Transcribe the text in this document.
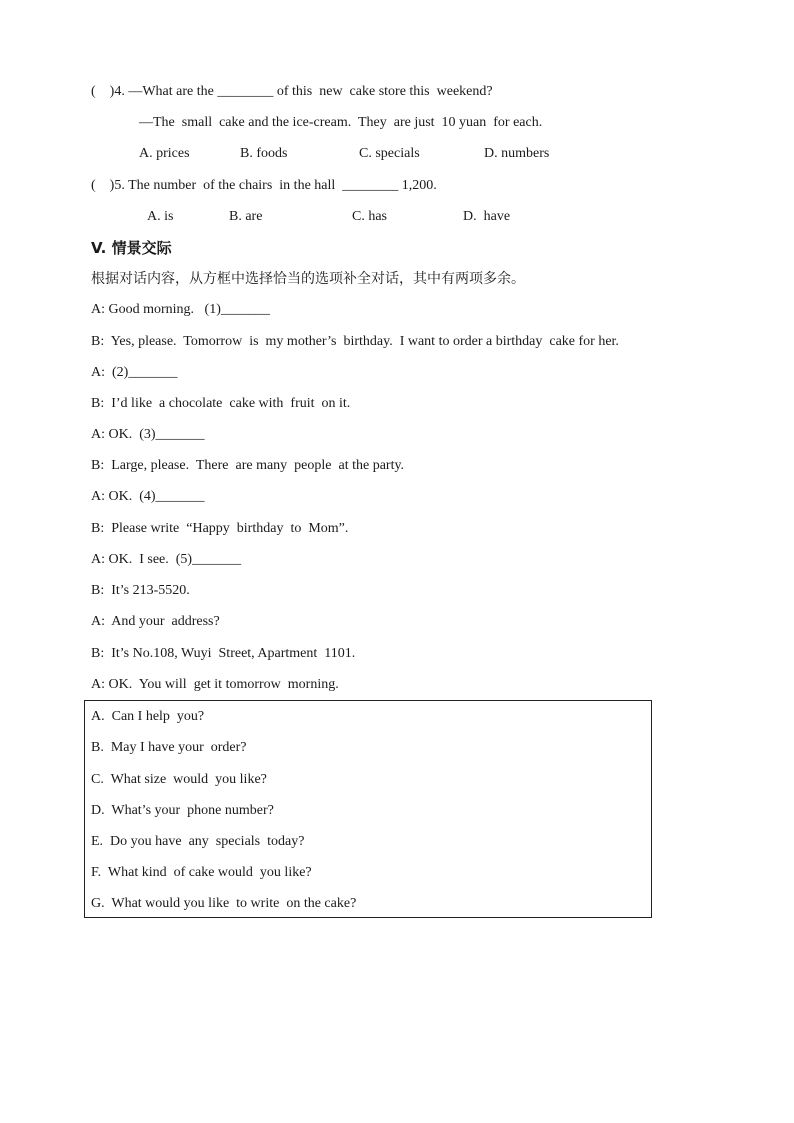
(    )4. —What are the ________ of this  new  cake store this  weekend?
—The  small  cake and the ice-cream.  They  are just  10 yuan  for each.
A. prices	B. foods	C. specials	D. numbers
(    )5. The number  of the chairs  in the hall  ________ 1,200.
A. is	B. are	C. has	D.  have
V. 情景交际
根据对话内容，从方框中选择恰当的选项补全对话，其中有两项多余。
A: Good morning.   (1)_______
B:  Yes, please.  Tomorrow  is  my mother’s  birthday.  I want to order a birthday  cake for her.
A:  (2)_______
B:  I’d like  a chocolate  cake with  fruit  on it.
A: OK.  (3)_______
B:  Large, please.  There  are many  people  at the party.
A: OK.  (4)_______
B:  Please write  “Happy  birthday  to  Mom”.
A: OK.  I see.  (5)_______
B:  It’s 213-5520.
A:  And your  address?
B:  It’s No.108, Wuyi  Street, Apartment  1101.
A: OK.  You will  get it tomorrow  morning.
A.  Can I help  you?
B.  May I have your  order?
C.  What size  would  you like?
D.  What’s your  phone number?
E.  Do you have  any  specials  today?
F.  What kind  of cake would  you like?
G.  What would you like  to write  on the cake?
